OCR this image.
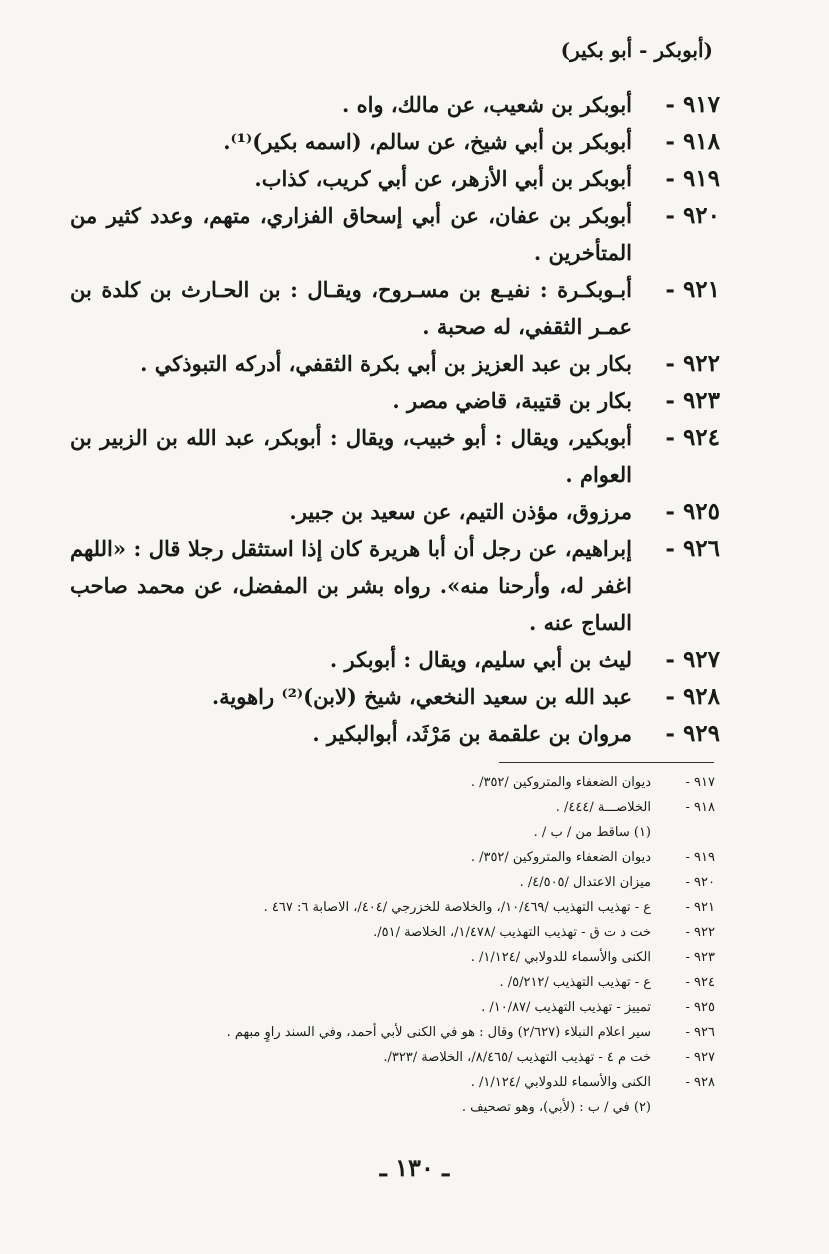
(أبوبكر - أبو بكير)
٩١٧ -
أبوبكر بن شعيب، عن مالك، واه .
٩١٨ -
أبوبكر بن أبي شيخ، عن سالم، (اسمه بكير)⁽¹⁾.
٩١٩ -
أبوبكر بن أبي الأزهر، عن أبي كريب، كذاب.
٩٢٠ -
أبوبكر بن عفان، عن أبي إسحاق الفزاري، متهم، وعدد كثير من المتأخرين .
٩٢١ -
أبـوبكـرة : نفيـع بن مسـروح، ويقـال : بن الحـارث بن كلدة بن عمـر الثقفي، له صحبة .
٩٢٢ -
بكار بن عبد العزيز بن أبي بكرة الثقفي، أدركه التبوذكي .
٩٢٣ -
بكار بن قتيبة، قاضي مصر .
٩٢٤ -
أبوبكير، ويقال : أبو خبيب، ويقال : أبوبكر، عبد الله بن الزبير بن العوام .
٩٢٥ -
مرزوق، مؤذن التيم، عن سعيد بن جبير.
٩٢٦ -
إبراهيم، عن رجل أن أبا هريرة كان إذا استثقل رجلا قال : «اللهم اغفر له، وأرحنا منه». رواه بشر بن المفضل، عن محمد صاحب الساج عنه .
٩٢٧ -
ليث بن أبي سليم، ويقال : أبوبكر .
٩٢٨ -
عبد الله بن سعيد النخعي، شيخ (لابن)⁽²⁾ راهوية.
٩٢٩ -
مروان بن علقمة بن مَرْثَد، أبوالبكير .
٩١٧ -
ديوان الضعفاء والمتروكين /٣٥٢/ .
٩١٨ -
الخلاصـــة /٤٤٤/ .
(١) ساقط من / ب / .
٩١٩ -
ديوان الضعفاء والمتروكين /٣٥٢/ .
٩٢٠ -
ميزان الاعتدال /٤/٥٠٥/ .
٩٢١ -
ع - تهذيب التهذيب /١٠/٤٦٩/، والخلاصة للخزرجي /٤٠٤/، الاصابة ٦: ٤٦٧ .
٩٢٢ -
خت د ت ق - تهذيب التهذيب /١/٤٧٨/، الخلاصة /٥١/.
٩٢٣ -
الكنى والأسماء للدولابي /١/١٢٤/ .
٩٢٤ -
ع - تهذيب التهذيب /٥/٢١٢/ .
٩٢٥ -
تمييز - تهذيب التهذيب /١٠/٨٧/ .
٩٢٦ -
سير اعلام النبلاء (٢/٦٢٧) وقال : هو في الكنى لأبي أحمد، وفي السند راوٍ مبهم .
٩٢٧ -
خت م ٤ - تهذيب التهذيب /٨/٤٦٥/، الخلاصة /٣٢٣/.
٩٢٨ -
الكنى والأسماء للدولابي /١/١٢٤/ .
(٢) في / ب : (لأبي)، وهو تصحيف .
ـ ١٣٠ ـ
